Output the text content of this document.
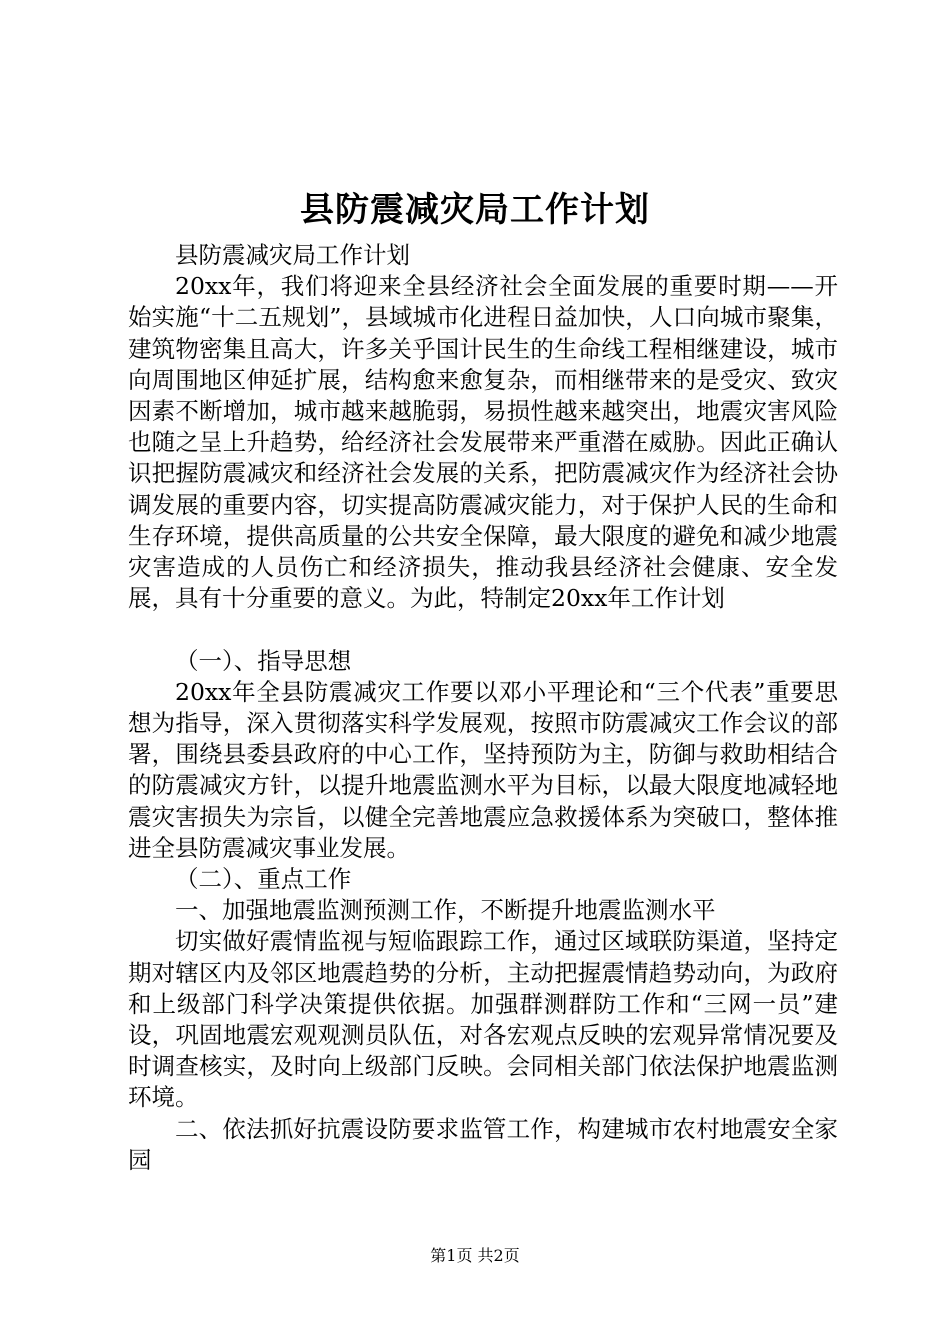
县防震减灾局工作计划

县防震减灾局工作计划

20xx年，我们将迎来全县经济社会全面发展的重要时期——开始实施“十二五规划”，县域城市化进程日益加快，人口向城市聚集，建筑物密集且高大，许多关乎国计民生的生命线工程相继建设，城市向周围地区伸延扩展，结构愈来愈复杂，而相继带来的是受灾、致灾因素不断增加，城市越来越脆弱，易损性越来越突出，地震灾害风险也随之呈上升趋势，给经济社会发展带来严重潜在威胁。因此正确认识把握防震减灾和经济社会发展的关系，把防震减灾作为经济社会协调发展的重要内容，切实提高防震减灾能力，对于保护人民的生命和生存环境，提供高质量的公共安全保障，最大限度的避免和减少地震灾害造成的人员伤亡和经济损失，推动我县经济社会健康、安全发展，具有十分重要的意义。为此，特制定20xx年工作计划

（一）、指导思想

20xx年全县防震减灾工作要以邓小平理论和“三个代表”重要思想为指导，深入贯彻落实科学发展观，按照市防震减灾工作会议的部署，围绕县委县政府的中心工作，坚持预防为主，防御与救助相结合的防震减灾方针，以提升地震监测水平为目标，以最大限度地减轻地震灾害损失为宗旨，以健全完善地震应急救援体系为突破口，整体推进全县防震减灾事业发展。

（二）、重点工作

一、加强地震监测预测工作，不断提升地震监测水平

切实做好震情监视与短临跟踪工作，通过区域联防渠道，坚持定期对辖区内及邻区地震趋势的分析，主动把握震情趋势动向，为政府和上级部门科学决策提供依据。加强群测群防工作和“三网一员”建设，巩固地震宏观观测员队伍，对各宏观点反映的宏观异常情况要及时调查核实，及时向上级部门反映。会同相关部门依法保护地震监测环境。

二、依法抓好抗震设防要求监管工作，构建城市农村地震安全家园

第1页 共2页
